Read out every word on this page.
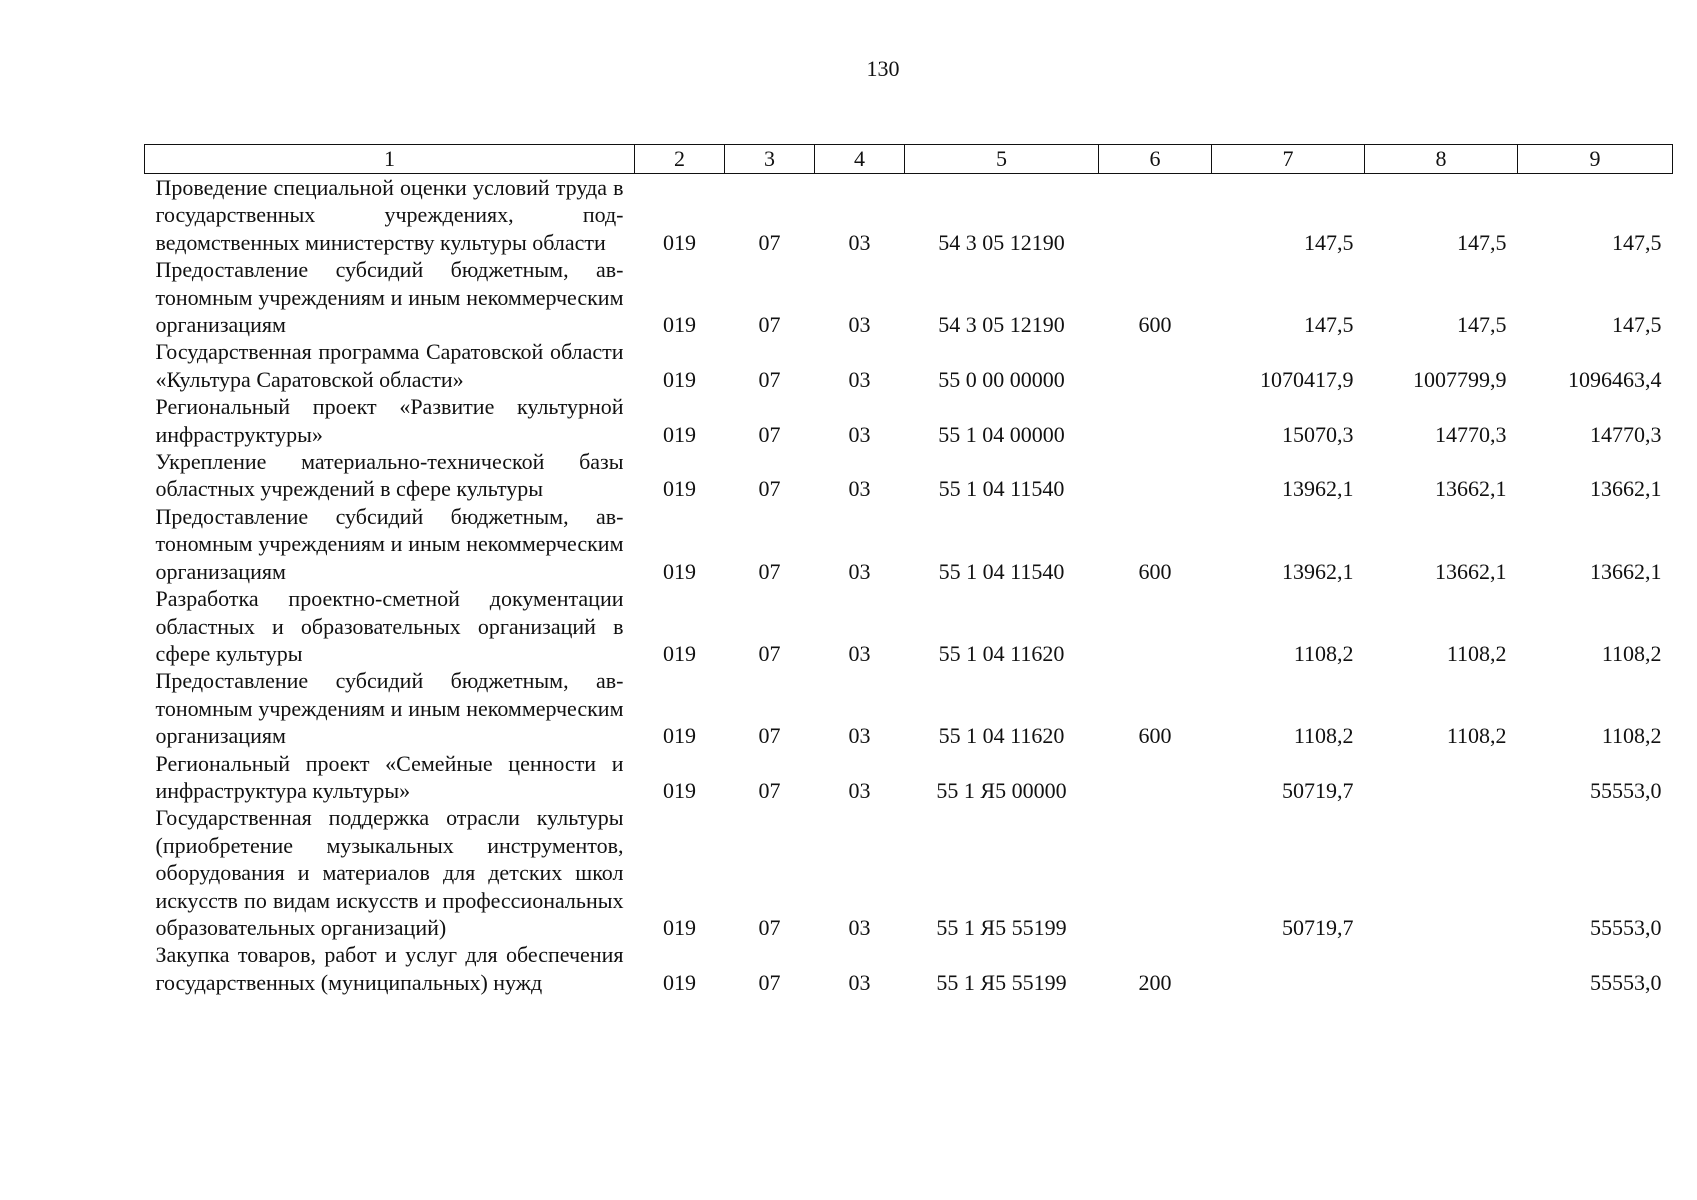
130
1	2	3	4	5	6	7	8	9
Проведение специальной оценки условий труда в государственных учреждениях, подведомственных министерству культуры области	019	07	03	54 3 05 12190		147,5	147,5	147,5
Предоставление субсидий бюджетным, автономным учреждениям и иным некоммерческим организациям	019	07	03	54 3 05 12190	600	147,5	147,5	147,5
Государственная программа Саратовской области «Культура Саратовской области»	019	07	03	55 0 00 00000		1070417,9	1007799,9	1096463,4
Региональный проект «Развитие культурной инфраструктуры»	019	07	03	55 1 04 00000		15070,3	14770,3	14770,3
Укрепление материально-технической базы областных учреждений в сфере культуры	019	07	03	55 1 04 11540		13962,1	13662,1	13662,1
Предоставление субсидий бюджетным, автономным учреждениям и иным некоммерческим организациям	019	07	03	55 1 04 11540	600	13962,1	13662,1	13662,1
Разработка проектно-сметной документации областных и образовательных организаций в сфере культуры	019	07	03	55 1 04 11620		1108,2	1108,2	1108,2
Предоставление субсидий бюджетным, автономным учреждениям и иным некоммерческим организациям	019	07	03	55 1 04 11620	600	1108,2	1108,2	1108,2
Региональный проект «Семейные ценности и инфраструктура культуры»	019	07	03	55 1 Я5 00000		50719,7		55553,0
Государственная поддержка отрасли культуры (приобретение музыкальных инструментов, оборудования и материалов для детских школ искусств по видам искусств и профессиональных образовательных организаций)	019	07	03	55 1 Я5 55199		50719,7		55553,0
Закупка товаров, работ и услуг для обеспечения государственных (муниципальных) нужд	019	07	03	55 1 Я5 55199	200			55553,0
